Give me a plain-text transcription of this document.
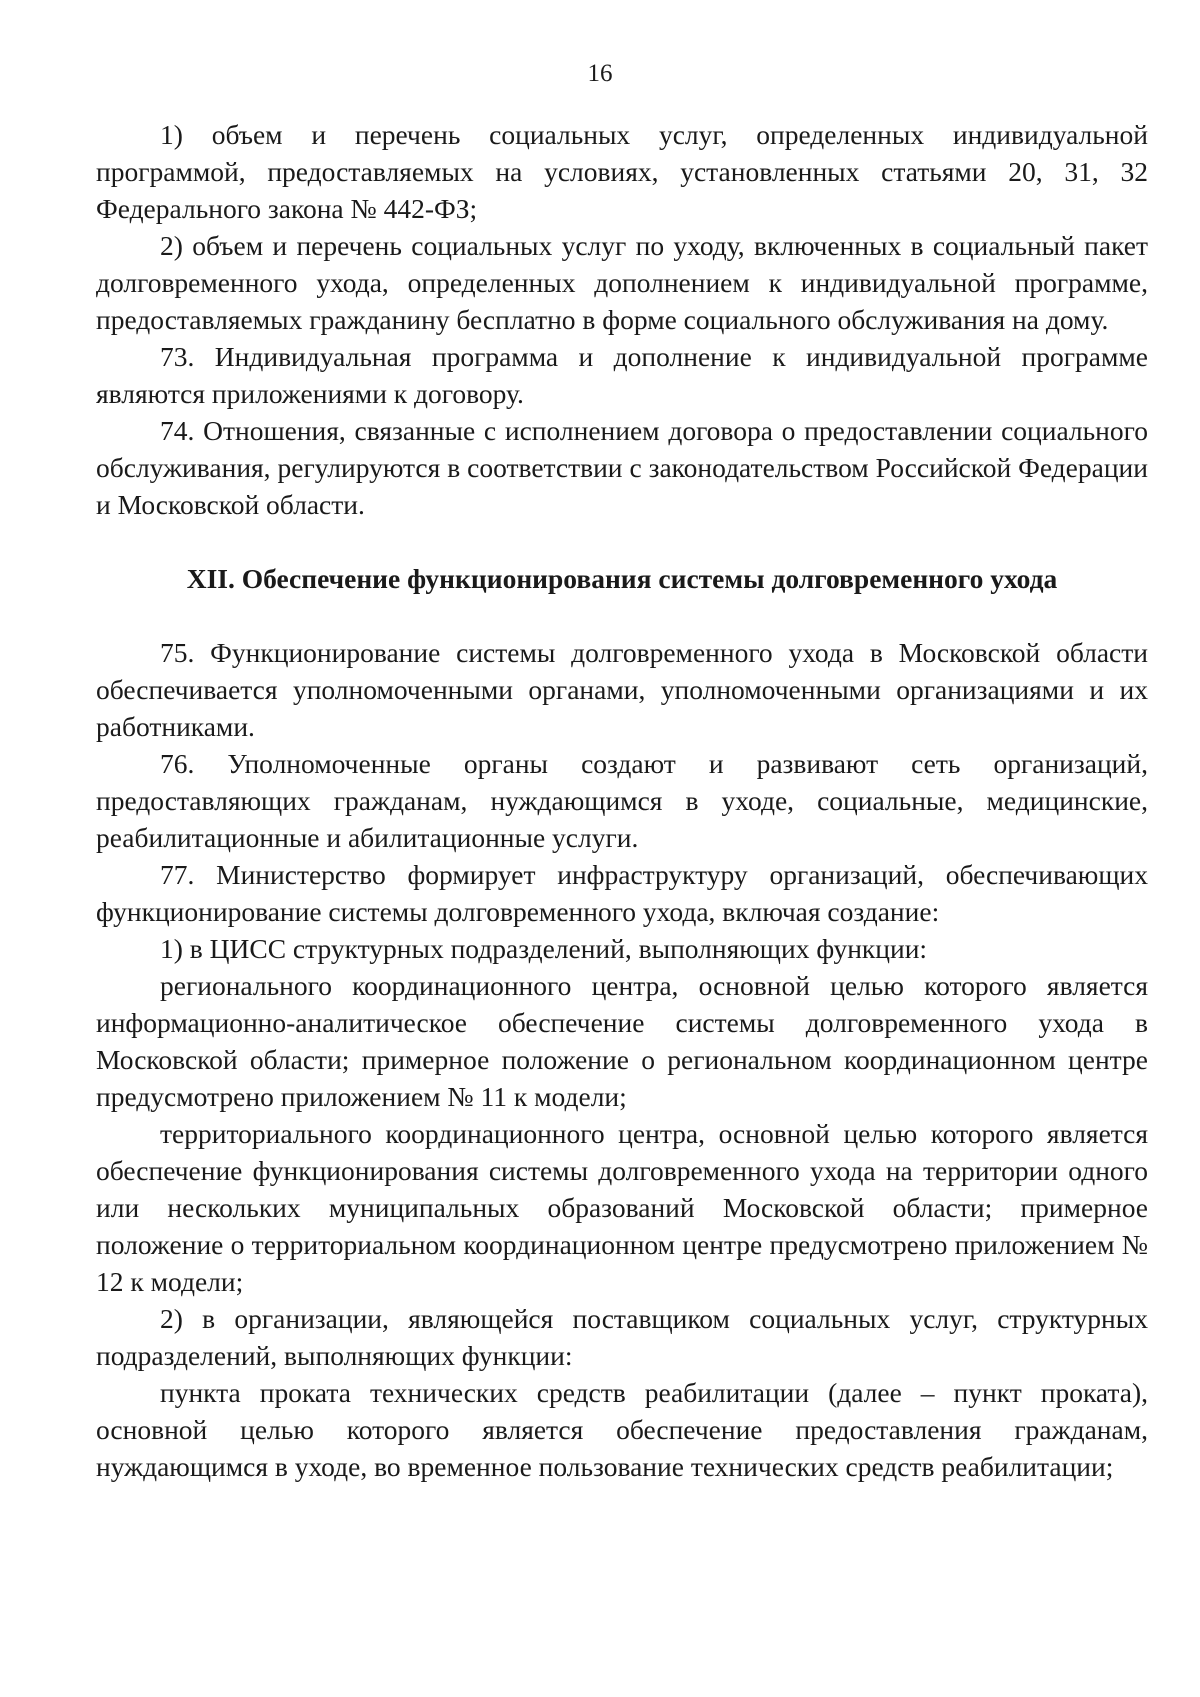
16

1) объем и перечень социальных услуг, определенных индивидуальной программой, предоставляемых на условиях, установленных статьями 20, 31, 32 Федерального закона № 442-ФЗ;

2) объем и перечень социальных услуг по уходу, включенных в социальный пакет долговременного ухода, определенных дополнением к индивидуальной программе, предоставляемых гражданину бесплатно в форме социального обслуживания на дому.

73. Индивидуальная программа и дополнение к индивидуальной программе являются приложениями к договору.

74. Отношения, связанные с исполнением договора о предоставлении социального обслуживания, регулируются в соответствии с законодательством Российской Федерации и Московской области.

XII. Обеспечение функционирования системы долговременного ухода

75. Функционирование системы долговременного ухода в Московской области обеспечивается уполномоченными органами, уполномоченными организациями и их работниками.

76. Уполномоченные органы создают и развивают сеть организаций, предоставляющих гражданам, нуждающимся в уходе, социальные, медицинские, реабилитационные и абилитационные услуги.

77. Министерство формирует инфраструктуру организаций, обеспечивающих функционирование системы долговременного ухода, включая создание:

1) в ЦИСС структурных подразделений, выполняющих функции:

регионального координационного центра, основной целью которого является информационно-аналитическое обеспечение системы долговременного ухода в Московской области; примерное положение о региональном координационном центре предусмотрено приложением № 11 к модели;

территориального координационного центра, основной целью которого является обеспечение функционирования системы долговременного ухода на территории одного или нескольких муниципальных образований Московской области; примерное положение о территориальном координационном центре предусмотрено приложением № 12 к модели;

2) в организации, являющейся поставщиком социальных услуг, структурных подразделений, выполняющих функции:

пункта проката технических средств реабилитации (далее – пункт проката), основной целью которого является обеспечение предоставления гражданам, нуждающимся в уходе, во временное пользование технических средств реабилитации;
